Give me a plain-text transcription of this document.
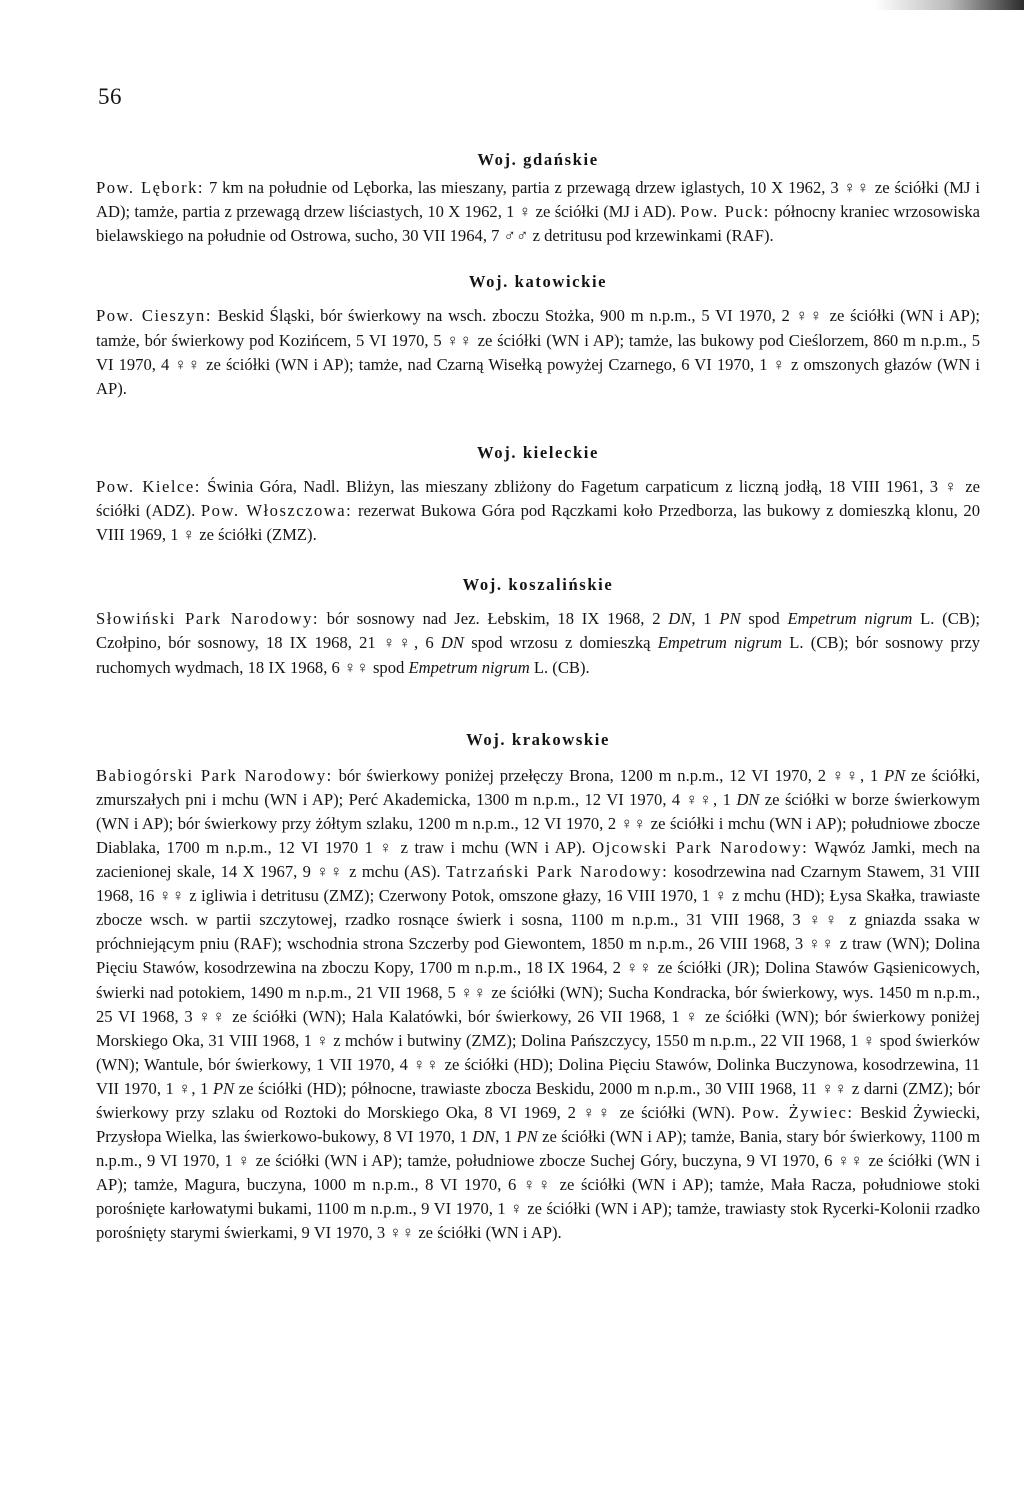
56
Woj. gdańskie

Pow. Lębork: 7 km na południe od Lęborka, las mieszany, partia z przewagą drzew iglastych, 10 X 1962, 3 ♀♀ ze ściółki (MJ i AD); tamże, partia z przewagą drzew liściastych, 10 X 1962, 1 ♀ ze ściółki (MJ i AD). Pow. Puck: północny kraniec wrzosowiska bielawskiego na południe od Ostrowa, sucho, 30 VII 1964, 7 ♂♂ z detritusu pod krzewinkami (RAF).

Woj. katowickie

Pow. Cieszyn: Beskid Śląski, bór świerkowy na wsch. zboczu Stożka, 900 m n.p.m., 5 VI 1970, 2 ♀♀ ze ściółki (WN i AP); tamże, bór świerkowy pod Kozińcem, 5 VI 1970, 5 ♀♀ ze ściółki (WN i AP); tamże, las bukowy pod Cieślorzem, 860 m n.p.m., 5 VI 1970, 4 ♀♀ ze ściółki (WN i AP); tamże, nad Czarną Wisełką powyżej Czarnego, 6 VI 1970, 1 ♀ z omszonych głazów (WN i AP).

Woj. kieleckie

Pow. Kielce: Świnia Góra, Nadl. Bliżyn, las mieszany zbliżony do Fagetum carpaticum z liczną jodłą, 18 VIII 1961, 3 ♀ ze ściółki (ADZ). Pow. Włoszczowa: rezerwat Bukowa Góra pod Rączkami koło Przedborza, las bukowy z domieszką klonu, 20 VIII 1969, 1 ♀ ze ściółki (ZMZ).

Woj. koszalińskie

Słowiński Park Narodowy: bór sosnowy nad Jez. Łebskim, 18 IX 1968, 2 DN, 1 PN spod Empetrum nigrum L. (CB); Czołpino, bór sosnowy, 18 IX 1968, 21 ♀♀, 6 DN spod wrzosu z domieszką Empetrum nigrum L. (CB); bór sosnowy przy ruchomych wydmach, 18 IX 1968, 6 ♀♀ spod Empetrum nigrum L. (CB).

Woj. krakowskie

Babiogórski Park Narodowy: bór świerkowy poniżej przełęczy Brona, 1200 m n.p.m., 12 VI 1970, 2 ♀♀, 1 PN ze ściółki, zmurszałych pni i mchu (WN i AP); Perć Akademicka, 1300 m n.p.m., 12 VI 1970, 4 ♀♀, 1 DN ze ściółki w borze świerkowym (WN i AP); bór świerkowy przy żółtym szlaku, 1200 m n.p.m., 12 VI 1970, 2 ♀♀ ze ściółki i mchu (WN i AP); południowe zbocze Diablaka, 1700 m n.p.m., 12 VI 1970 1 ♀ z traw i mchu (WN i AP). Ojcowski Park Narodowy: Wąwóz Jamki, mech na zacienionej skale, 14 X 1967, 9 ♀♀ z mchu (AS). Tatrzański Park Narodowy: kosodrzewina nad Czarnym Stawem, 31 VIII 1968, 16 ♀♀ z igliwia i detritusu (ZMZ); Czerwony Potok, omszone głazy, 16 VIII 1970, 1 ♀ z mchu (HD); Łysa Skałka, trawiaste zbocze wsch. w partii szczytowej, rzadko rosnące świerk i sosna, 1100 m n.p.m., 31 VIII 1968, 3 ♀♀ z gniazda ssaka w próchniejącym pniu (RAF); wschodnia strona Szczerby pod Giewontem, 1850 m n.p.m., 26 VIII 1968, 3 ♀♀ z traw (WN); Dolina Pięciu Stawów, kosodrzewina na zboczu Kopy, 1700 m n.p.m., 18 IX 1964, 2 ♀♀ ze ściółki (JR); Dolina Stawów Gąsienicowych, świerki nad potokiem, 1490 m n.p.m., 21 VII 1968, 5 ♀♀ ze ściółki (WN); Sucha Kondracka, bór świerkowy, wys. 1450 m n.p.m., 25 VI 1968, 3 ♀♀ ze ściółki (WN); Hala Kalatówki, bór świerkowy, 26 VII 1968, 1 ♀ ze ściółki (WN); bór świerkowy poniżej Morskiego Oka, 31 VIII 1968, 1 ♀ z mchów i butwiny (ZMZ); Dolina Pańszczycy, 1550 m n.p.m., 22 VII 1968, 1 ♀ spod świerków (WN); Wantule, bór świerkowy, 1 VII 1970, 4 ♀♀ ze ściółki (HD); Dolina Pięciu Stawów, Dolinka Buczynowa, kosodrzewina, 11 VII 1970, 1 ♀, 1 PN ze ściółki (HD); północne, trawiaste zbocza Beskidu, 2000 m n.p.m., 30 VIII 1968, 11 ♀♀ z darni (ZMZ); bór świerkowy przy szlaku od Roztoki do Morskiego Oka, 8 VI 1969, 2 ♀♀ ze ściółki (WN). Pow. Żywiec: Beskid Żywiecki, Przysłopa Wielka, las świerkowo-bukowy, 8 VI 1970, 1 DN, 1 PN ze ściółki (WN i AP); tamże, Bania, stary bór świerkowy, 1100 m n.p.m., 9 VI 1970, 1 ♀ ze ściółki (WN i AP); tamże, południowe zbocze Suchej Góry, buczyna, 9 VI 1970, 6 ♀♀ ze ściółki (WN i AP); tamże, Magura, buczyna, 1000 m n.p.m., 8 VI 1970, 6 ♀♀ ze ściółki (WN i AP); tamże, Mała Racza, południowe stoki porośnięte karłowatymi bukami, 1100 m n.p.m., 9 VI 1970, 1 ♀ ze ściółki (WN i AP); tamże, trawiasty stok Rycerki-Kolonii rzadko porośnięty starymi świerkami, 9 VI 1970, 3 ♀♀ ze ściółki (WN i AP).
